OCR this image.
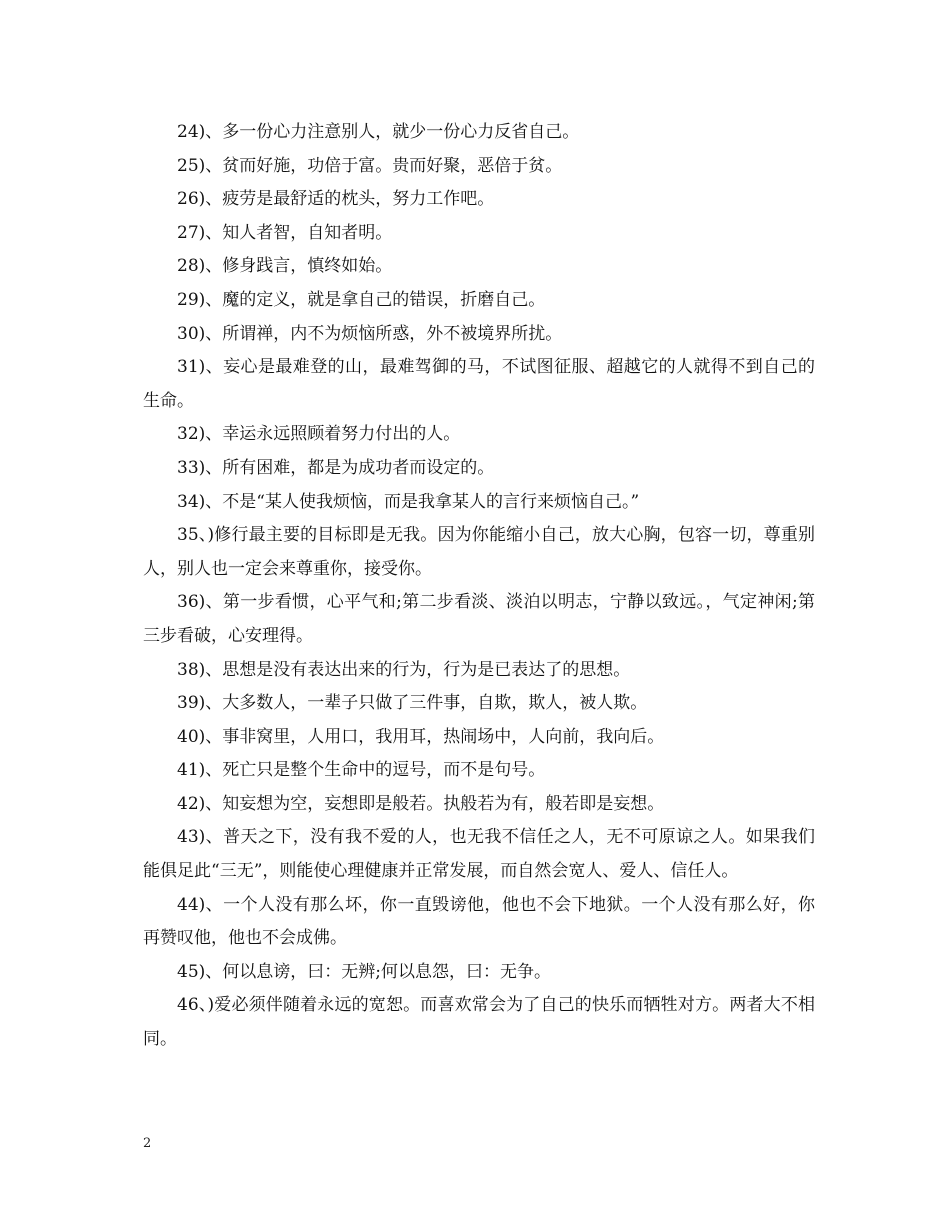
24)、多一份心力注意别人，就少一份心力反省自己。

25)、贫而好施，功倍于富。贵而好聚，恶倍于贫。

26)、疲劳是最舒适的枕头，努力工作吧。

27)、知人者智，自知者明。

28)、修身践言，慎终如始。

29)、魔的定义，就是拿自己的错误，折磨自己。

30)、所谓禅，内不为烦恼所惑，外不被境界所扰。

31)、妄心是最难登的山，最难驾御的马，不试图征服、超越它的人就得不到自己的生命。

32)、幸运永远照顾着努力付出的人。

33)、所有困难，都是为成功者而设定的。

34)、不是“某人使我烦恼，而是我拿某人的言行来烦恼自己。”

35、)修行最主要的目标即是无我。因为你能缩小自己，放大心胸，包容一切，尊重别人，别人也一定会来尊重你，接受你。

36)、第一步看惯，心平气和;第二步看淡、淡泊以明志，宁静以致远。，气定神闲;第三步看破，心安理得。

38)、思想是没有表达出来的行为，行为是已表达了的思想。

39)、大多数人，一辈子只做了三件事，自欺，欺人，被人欺。

40)、事非窝里，人用口，我用耳，热闹场中，人向前，我向后。

41)、死亡只是整个生命中的逗号，而不是句号。

42)、知妄想为空，妄想即是般若。执般若为有，般若即是妄想。

43)、普天之下，没有我不爱的人，也无我不信任之人，无不可原谅之人。如果我们能俱足此“三无”，则能使心理健康并正常发展，而自然会宽人、爱人、信任人。

44)、一个人没有那么坏，你一直毁谤他，他也不会下地狱。一个人没有那么好，你再赞叹他，他也不会成佛。

45)、何以息谤，曰：无辨;何以息怨，曰：无争。

46、)爱必须伴随着永远的宽恕。而喜欢常会为了自己的快乐而牺牲对方。两者大不相同。

2
